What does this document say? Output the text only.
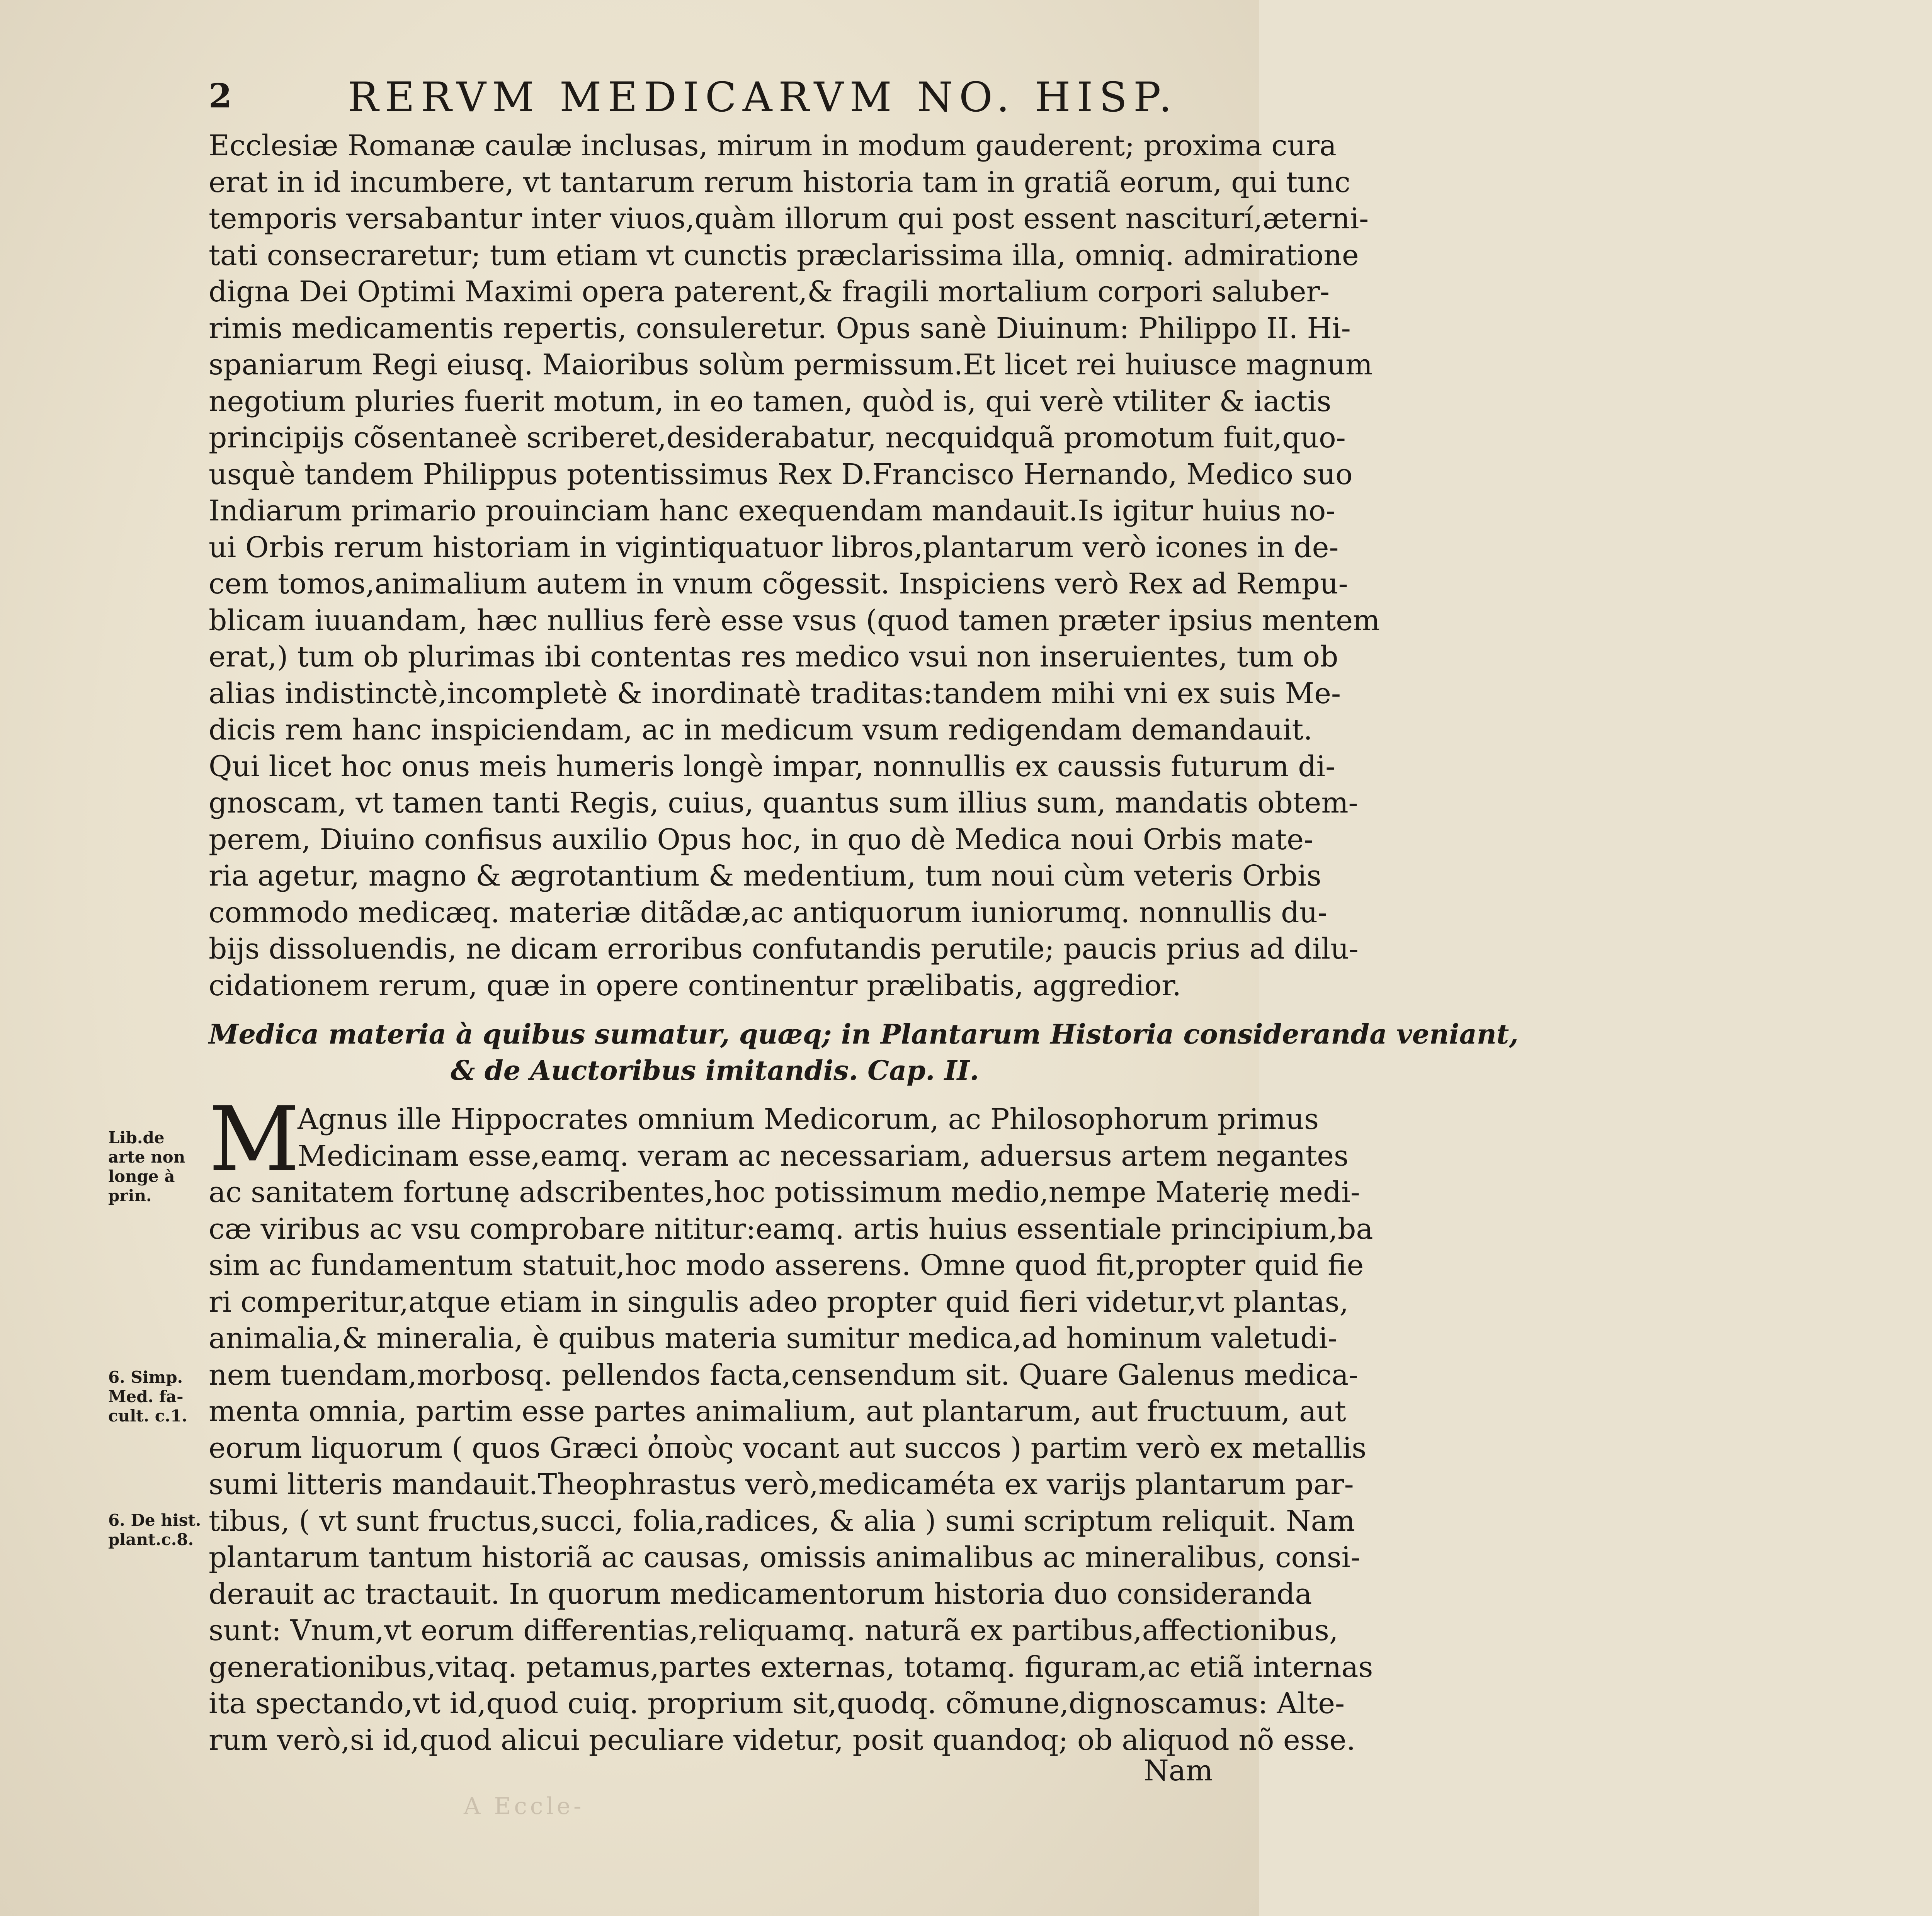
2	RERVM MEDICARVM NO. HISP.
Ecclesiæ Romanæ caulæ inclusas, mirum in modum gauderent; proxima cura
erat in id incumbere, vt tantarum rerum historia tam in gratiã eorum, qui tunc
temporis versabantur inter viuos,quàm illorum qui post essent nasciturí,æterni-
tati consecraretur; tum etiam vt cunctis præclarissima illa, omniq. admiratione
digna Dei Optimi Maximi opera paterent,& fragili mortalium corpori saluber-
rimis medicamentis repertis, consuleretur. Opus sanè Diuinum: Philippo II. Hi-
spaniarum Regi eiusq. Maioribus solùm permissum.Et licet rei huiusce magnum
negotium pluries fuerit motum, in eo tamen, quòd is, qui verè vtiliter & iactis
principijs cõsentaneè scriberet,desiderabatur, necquidquã promotum fuit,quo-
usquè tandem Philippus potentissimus Rex D.Francisco Hernando, Medico suo
Indiarum primario prouinciam hanc exequendam mandauit.Is igitur huius no-
ui Orbis rerum historiam in vigintiquatuor libros,plantarum verò icones in de-
cem tomos,animalium autem in vnum cõgessit. Inspiciens verò Rex ad Rempu-
blicam iuuandam, hæc nullius ferè esse vsus (quod tamen præter ipsius mentem
erat,) tum ob plurimas ibi contentas res medico vsui non inseruientes, tum ob
alias indistinctè,incompletè & inordinatè traditas:tandem mihi vni ex suis Me-
dicis rem hanc inspiciendam, ac in medicum vsum redigendam demandauit.
Qui licet hoc onus meis humeris longè impar, nonnullis ex caussis futurum di-
gnoscam, vt tamen tanti Regis, cuius, quantus sum illius sum, mandatis obtem-
perem, Diuino confisus auxilio Opus hoc, in quo dè Medica noui Orbis mate-
ria agetur, magno & ægrotantium & medentium, tum noui cùm veteris Orbis
commodo medicæq. materiæ ditãdæ,ac antiquorum iuniorumq. nonnullis du-
bijs dissoluendis, ne dicam erroribus confutandis perutile; paucis prius ad dilu-
cidationem rerum, quæ in opere continentur prælibatis, aggredior.
Medica materia à quibus sumatur, quæq; in Plantarum Historia consideranda veniant,
& de Auctoribus imitandis. Cap. II.
M
Agnus ille Hippocrates omnium Medicorum, ac Philosophorum primus
Medicinam esse,eamq. veram ac necessariam, aduersus artem negantes
ac sanitatem fortunę adscribentes,hoc potissimum medio,nempe Materię medi-
cæ viribus ac vsu comprobare nititur:eamq. artis huius essentiale principium,ba
sim ac fundamentum statuit,hoc modo asserens. Omne quod fit,propter quid fie
ri comperitur,atque etiam in singulis adeo propter quid fieri videtur,vt plantas,
animalia,& mineralia, è quibus materia sumitur medica,ad hominum valetudi-
nem tuendam,morbosq. pellendos facta,censendum sit. Quare Galenus medica-
menta omnia, partim esse partes animalium, aut plantarum, aut fructuum, aut
eorum liquorum ( quos Græci ὀποὺς vocant aut succos ) partim verò ex metallis
sumi litteris mandauit.Theophrastus verò,medicaméta ex varijs plantarum par-
tibus, ( vt sunt fructus,succi, folia,radices, & alia ) sumi scriptum reliquit. Nam
plantarum tantum historiã ac causas, omissis animalibus ac mineralibus, consi-
derauit ac tractauit. In quorum medicamentorum historia duo consideranda
sunt: Vnum,vt eorum differentias,reliquamq. naturã ex partibus,affectionibus,
generationibus,vitaq. petamus,partes externas, totamq. figuram,ac etiã internas
ita spectando,vt id,quod cuiq. proprium sit,quodq. cõmune,dignoscamus: Alte-
rum verò,si id,quod alicui peculiare videtur, posit quandoq; ob aliquod nõ esse.
Lib.de arte non longe à prin.
6. Simp. Med. fa- cult. c.1.
6. De hist. plant.c.8.
Nam
A Eccle-
